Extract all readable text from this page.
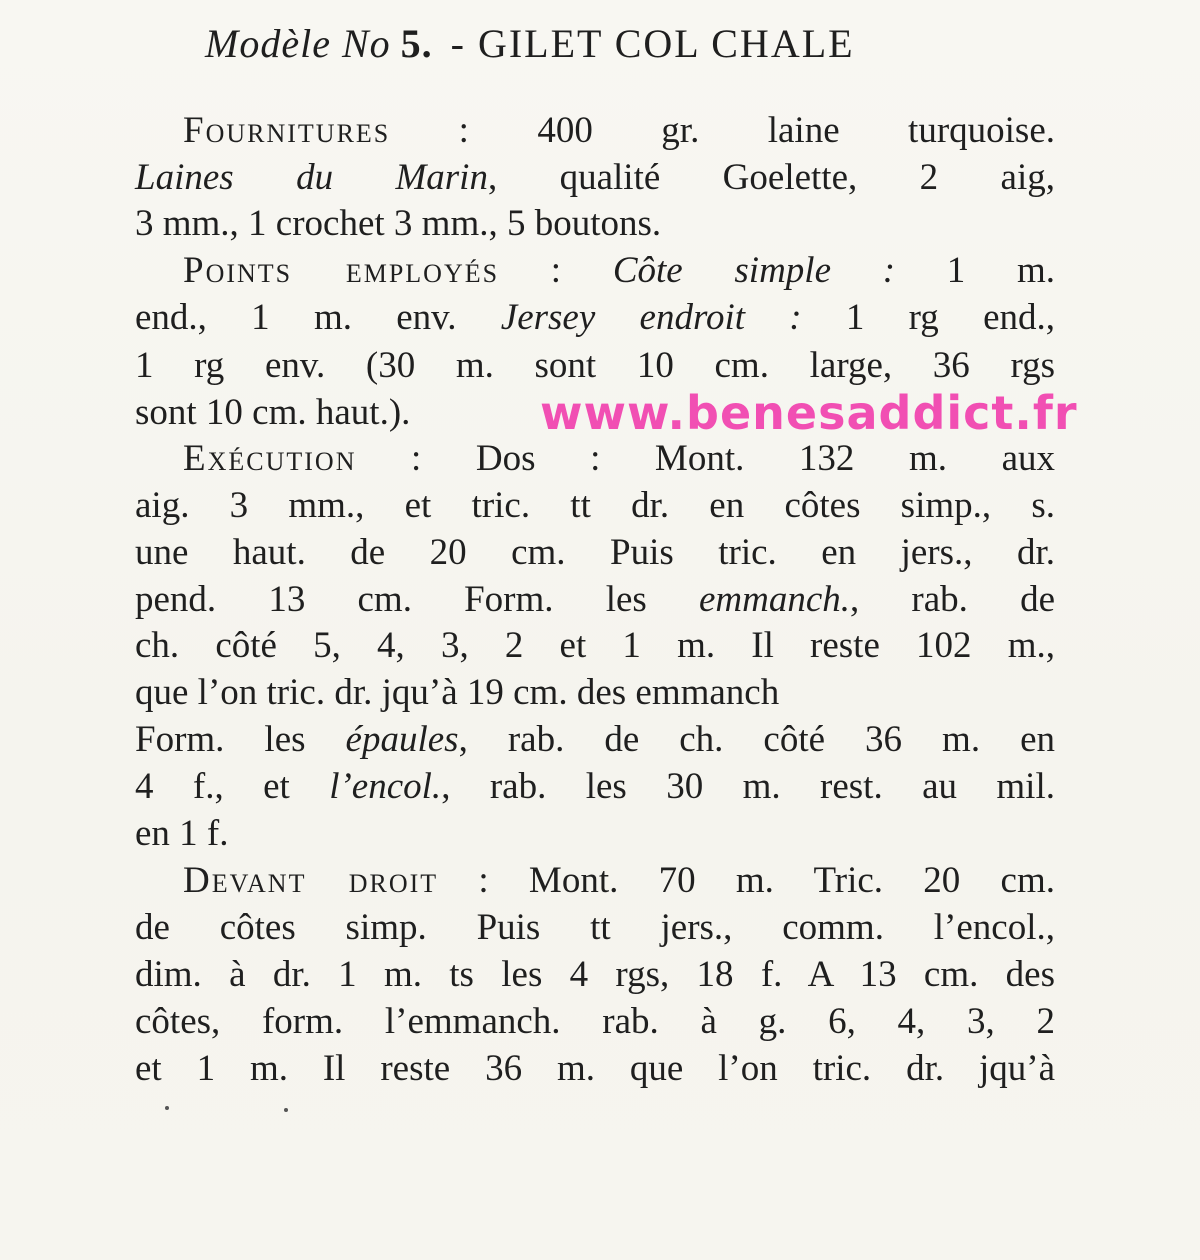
Modèle No 5. - GILET COL CHALE
Fournitures : 400 gr. laine turquoise.
Laines du Marin, qualité Goelette, 2 aig,
3 mm., 1 crochet 3 mm., 5 boutons.
Points employés : Côte simple : 1 m.
end., 1 m. env. Jersey endroit : 1 rg end.,
1 rg env. (30 m. sont 10 cm. large, 36 rgs
sont 10 cm. haut.).	www.benesaddict.fr
Exécution : Dos : Mont. 132 m. aux
aig. 3 mm., et tric. tt dr. en côtes simp., s.
une haut. de 20 cm. Puis tric. en jers., dr.
pend. 13 cm. Form. les emmanch., rab. de
ch. côté 5, 4, 3, 2 et 1 m. Il reste 102 m.,
que l’on tric. dr. jqu’à 19 cm. des emmanch
Form. les épaules, rab. de ch. côté 36 m. en
4 f., et l’encol., rab. les 30 m. rest. au mil.
en 1 f.
Devant droit : Mont. 70 m. Tric. 20 cm.
de côtes simp. Puis tt jers., comm. l’encol.,
dim. à dr. 1 m. ts les 4 rgs, 18 f. A 13 cm. des
côtes, form. l’emmanch. rab. à g. 6, 4, 3, 2
et 1 m. Il reste 36 m. que l’on tric. dr. jqu’à
